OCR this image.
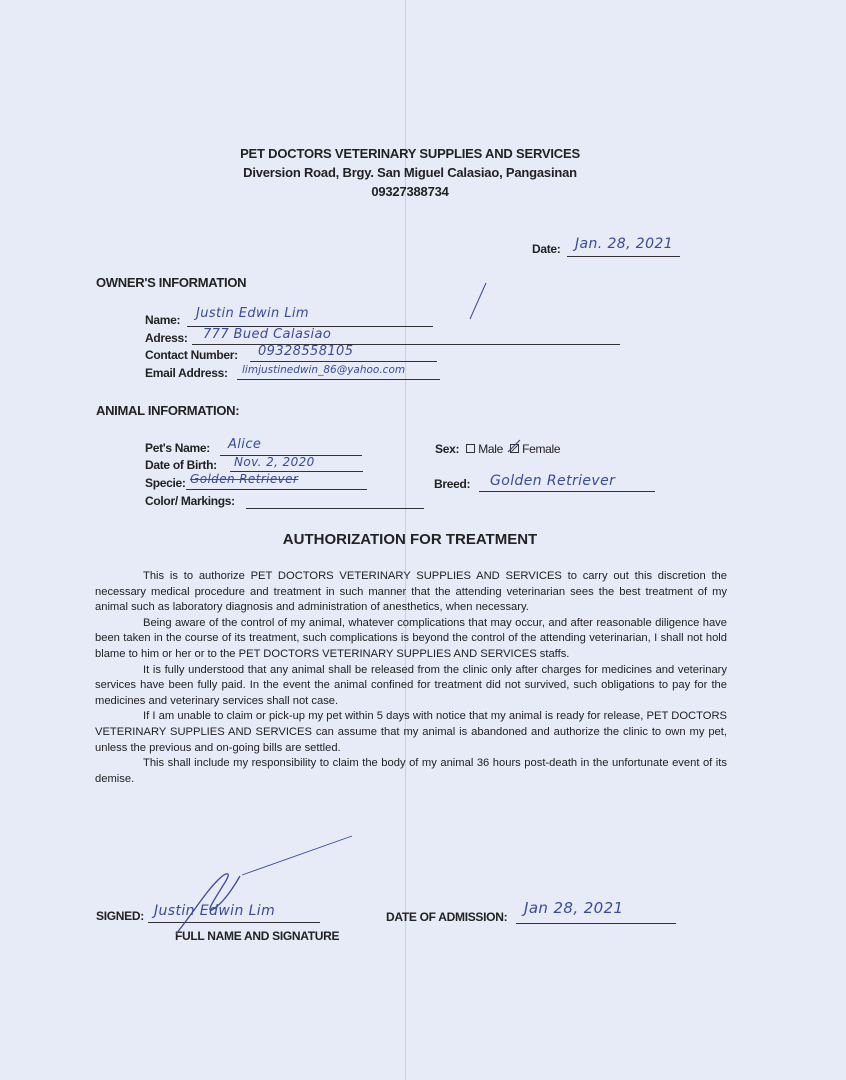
PET DOCTORS VETERINARY SUPPLIES AND SERVICES
Diversion Road, Brgy. San Miguel Calasiao, Pangasinan
09327388734
Date: Jan. 28, 2021
OWNER'S INFORMATION
Name: Justin Edwin Lim
Adress: 777 Bued Calasiao
Contact Number: 09328558105
Email Address: limjustinedwin_86@yahoo.com
ANIMAL INFORMATION:
Pet's Name: Alice
Date of Birth: Nov. 2, 2020
Specie: Golden Retriever
Color/ Markings:
Sex: Male Female
Breed: Golden Retriever
AUTHORIZATION FOR TREATMENT

This is to authorize PET DOCTORS VETERINARY SUPPLIES AND SERVICES to carry out this discretion the necessary medical procedure and treatment in such manner that the attending veterinarian sees the best treatment of my animal such as laboratory diagnosis and administration of anesthetics, when necessary.

Being aware of the control of my animal, whatever complications that may occur, and after reasonable diligence have been taken in the course of its treatment, such complications is beyond the control of the attending veterinarian, I shall not hold blame to him or her or to the PET DOCTORS VETERINARY SUPPLIES AND SERVICES staffs.

It is fully understood that any animal shall be released from the clinic only after charges for medicines and veterinary services have been fully paid. In the event the animal confined for treatment did not survived, such obligations to pay for the medicines and veterinary services shall not case.

If I am unable to claim or pick-up my pet within 5 days with notice that my animal is ready for release, PET DOCTORS VETERINARY SUPPLIES AND SERVICES can assume that my animal is abandoned and authorize the clinic to own my pet, unless the previous and on-going bills are settled.

This shall include my responsibility to claim the body of my animal 36 hours post-death in the unfortunate event of its demise.

SIGNED: Justin Edwin Lim
FULL NAME AND SIGNATURE
DATE OF ADMISSION: Jan 28, 2021
